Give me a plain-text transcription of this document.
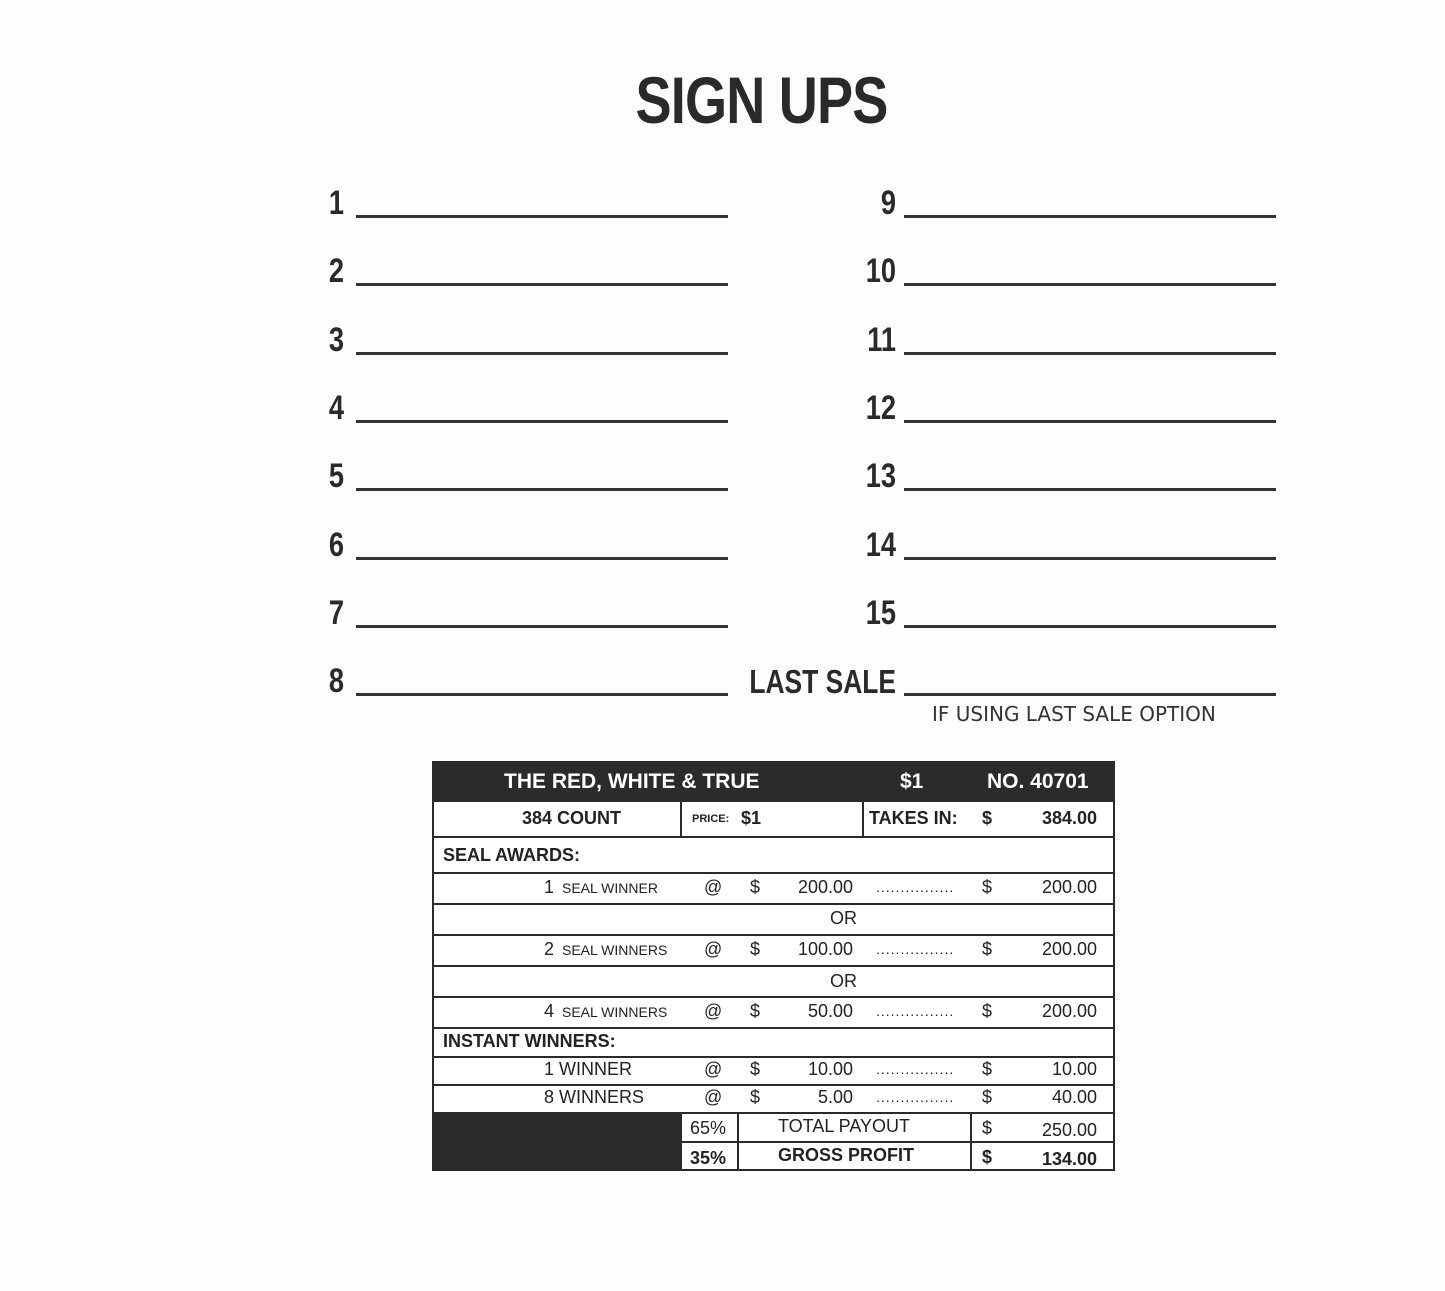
SIGN UPS
1
2
3
4
5
6
7
8
9
10
11
12
13
14
15
LAST SALE
IF USING LAST SALE OPTION
THE RED, WHITE & TRUE	$1	NO. 40701
384 COUNT	PRICE: $1	TAKES IN: $	384.00
SEAL AWARDS:
1 SEAL WINNER	@ $ 200.00 ................ $	200.00
OR
2 SEAL WINNERS @ $ 100.00 ................ $	200.00
OR
4 SEAL WINNERS @ $	50.00 ................ $	200.00
INSTANT WINNERS:
1 WINNER	@ $	10.00 ................ $	10.00
8 WINNERS	@ $	5.00 ................ $	40.00
65%	TOTAL PAYOUT	$	250.00
35%	GROSS PROFIT	$	134.00
